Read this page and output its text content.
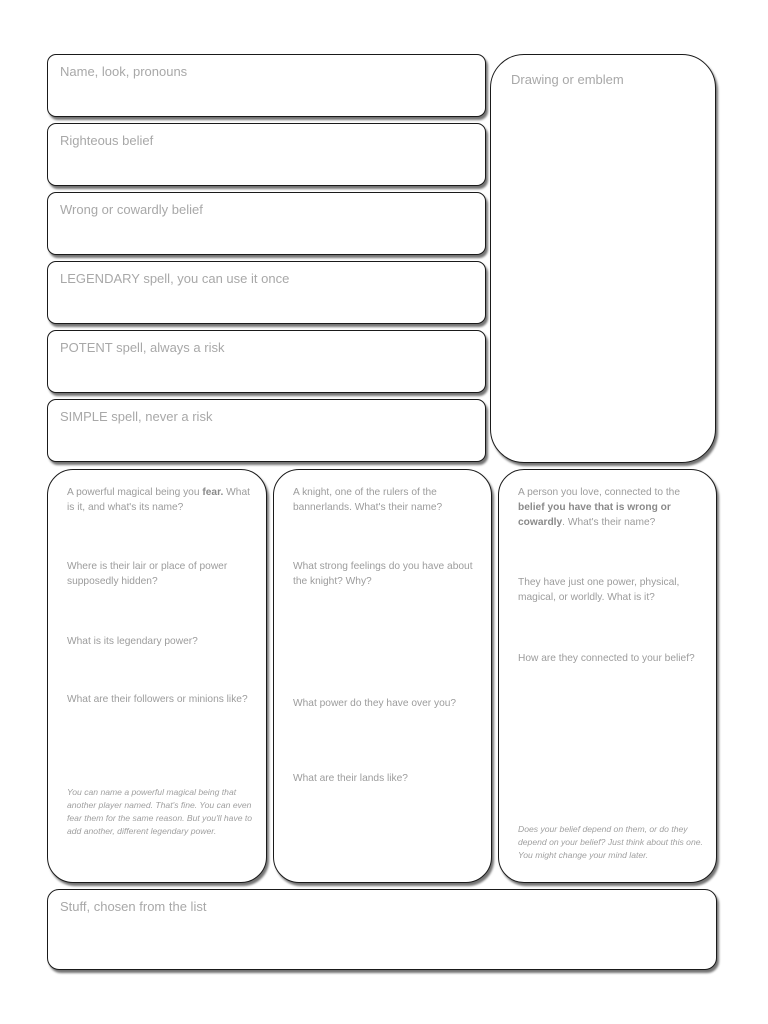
Name, look, pronouns
Righteous belief
Wrong or cowardly belief
LEGENDARY spell, you can use it once
POTENT spell, always a risk
SIMPLE spell, never a risk
Drawing or emblem
A powerful magical being you fear. What is it, and what's its name?
Where is their lair or place of power supposedly hidden?
What is its legendary power?
What are their followers or minions like?
You can name a powerful magical being that another player named. That's fine. You can even fear them for the same reason. But you'll have to add another, different legendary power.
A knight, one of the rulers of the bannerlands. What's their name?
What strong feelings do you have about the knight? Why?
What power do they have over you?
What are their lands like?
A person you love, connected to the belief you have that is wrong or cowardly. What's their name?
They have just one power, physical, magical, or worldly. What is it?
How are they connected to your belief?
Does your belief depend on them, or do they depend on your belief? Just think about this one. You might change your mind later.
Stuff, chosen from the list
